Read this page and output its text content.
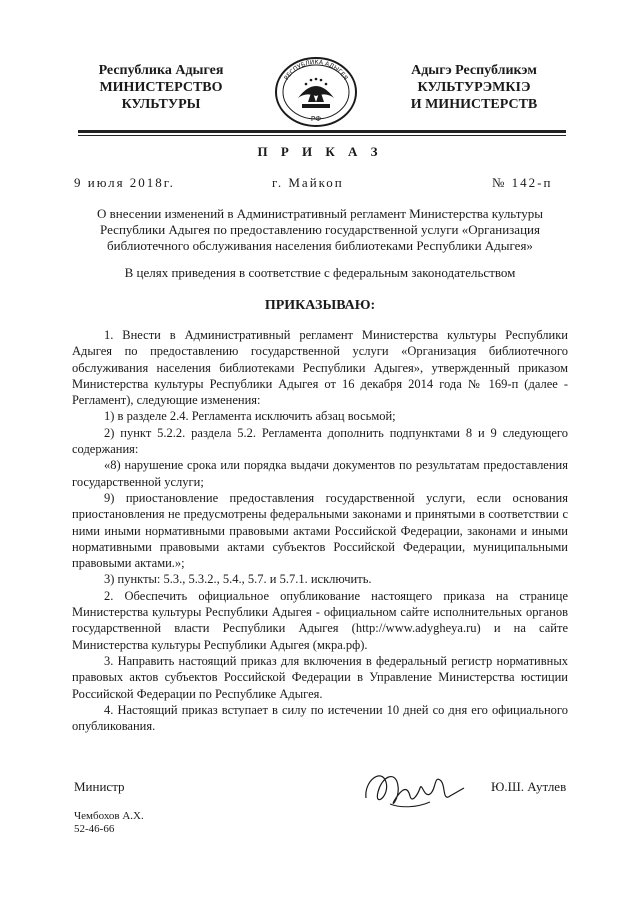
Республика Адыгея
МИНИСТЕРСТВО
КУЛЬТУРЫ
РЕСПУБЛИКА АДЫГЕЯ
РФ
Адыгэ Республикэм
КУЛЬТУРЭМКIЭ
И МИНИСТЕРСТВ
П Р И К А З
9 июля 2018г.	г. Майкоп	№ 142-п
О внесении изменений в Административный регламент Министерства культуры Республики Адыгея по предоставлению государственной услуги «Организация библиотечного обслуживания населения библиотеками Республики Адыгея»
В целях приведения в соответствие с федеральным законодательством
ПРИКАЗЫВАЮ:

1. Внести в Административный регламент Министерства культуры Республики Адыгея по предоставлению государственной услуги «Организация библиотечного обслуживания населения библиотеками Республики Адыгея», утвержденный приказом Министерства культуры Республики Адыгея от 16 декабря 2014 года № 169-п (далее - Регламент), следующие изменения:

1) в разделе 2.4. Регламента исключить абзац восьмой;

2) пункт 5.2.2. раздела 5.2. Регламента дополнить подпунктами 8 и 9 следующего содержания:

«8) нарушение срока или порядка выдачи документов по результатам предоставления государственной услуги;

9) приостановление предоставления государственной услуги, если основания приостановления не предусмотрены федеральными законами и принятыми в соответствии с ними иными нормативными правовыми актами Российской Федерации, законами и иными нормативными правовыми актами субъектов Российской Федерации, муниципальными правовыми актами.»;

3) пункты: 5.3., 5.3.2., 5.4., 5.7. и 5.7.1. исключить.

2. Обеспечить официальное опубликование настоящего приказа на странице Министерства культуры Республики Адыгея - официальном сайте исполнительных органов государственной власти Республики Адыгея (http://www.adygheya.ru) и на сайте Министерства культуры Республики Адыгея (мкра.рф).

3. Направить настоящий приказ для включения в федеральный регистр нормативных правовых актов субъектов Российской Федерации в Управление Министерства юстиции Российской Федерации по Республике Адыгея.

4. Настоящий приказ вступает в силу по истечении 10 дней со дня его официального опубликования.

Министр	Ю.Ш. Аутлев
Чембохов А.Х.
52-46-66
